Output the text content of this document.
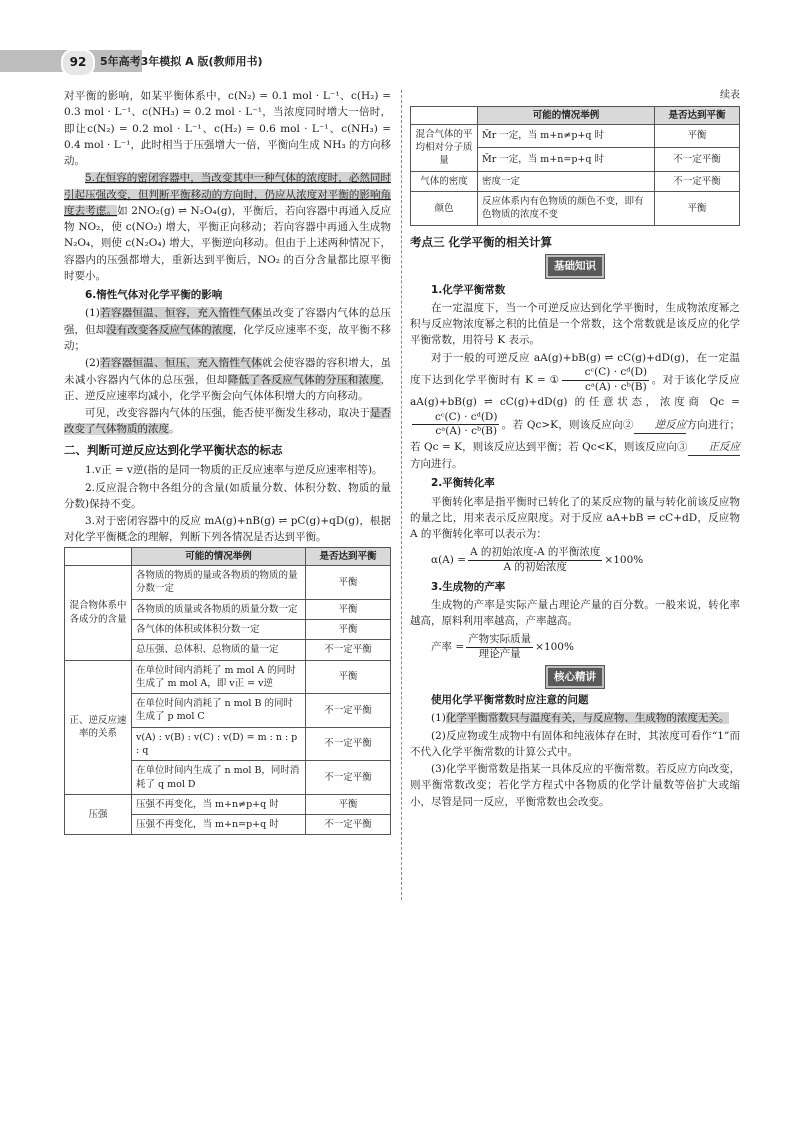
92	5年高考3年模拟 A 版(教师用书)

对平衡的影响，如某平衡体系中，c(N₂) = 0.1 mol · L⁻¹、c(H₂) = 0.3 mol · L⁻¹、c(NH₃) = 0.2 mol · L⁻¹，当浓度同时增大一倍时，即让c(N₂) = 0.2 mol · L⁻¹、c(H₂) = 0.6 mol · L⁻¹、c(NH₃) = 0.4 mol · L⁻¹，此时相当于压强增大一倍，平衡向生成 NH₃ 的方向移动。

5.在恒容的密闭容器中，当改变其中一种气体的浓度时，必然同时引起压强改变，但判断平衡移动的方向时，仍应从浓度对平衡的影响角度去考虑。如 2NO₂(g) ⇌ N₂O₄(g)，平衡后，若向容器中再通入反应物 NO₂，使 c(NO₂) 增大，平衡正向移动；若向容器中再通入生成物 N₂O₄，则使 c(N₂O₄) 增大，平衡逆向移动。但由于上述两种情况下，容器内的压强都增大，重新达到平衡后，NO₂ 的百分含量都比原平衡时要小。

6.惰性气体对化学平衡的影响

(1)若容器恒温、恒容，充入惰性气体虽改变了容器内气体的总压强，但却没有改变各反应气体的浓度，化学反应速率不变，故平衡不移动；

(2)若容器恒温、恒压，充入惰性气体就会使容器的容积增大，虽未减小容器内气体的总压强，但却降低了各反应气体的分压和浓度，正、逆反应速率均减小，化学平衡会向气体体积增大的方向移动。

可见，改变容器内气体的压强，能否使平衡发生移动，取决于是否改变了气体物质的浓度。

二、判断可逆反应达到化学平衡状态的标志

1.v正 = v逆(指的是同一物质的正反应速率与逆反应速率相等)。

2.反应混合物中各组分的含量(如质量分数、体积分数、物质的量分数)保持不变。

3.对于密闭容器中的反应 mA(g)+nB(g) ⇌ pC(g)+qD(g)，根据对化学平衡概念的理解，判断下列各情况是否达到平衡。

	可能的情况举例	是否达到平衡
混合物体系中各成分的含量	各物质的物质的量或各物质的物质的量分数一定	平衡
	各物质的质量或各物质的质量分数一定	平衡
	各气体的体积或体积分数一定	平衡
	总压强、总体积、总物质的量一定	不一定平衡
正、逆反应速率的关系	在单位时间内消耗了 m mol A 的同时生成了 m mol A，即 v正 = v逆	平衡
	在单位时间内消耗了 n mol B 的同时生成了 p mol C	不一定平衡
	v(A) : v(B) : v(C) : v(D) = m : n : p : q	不一定平衡
	在单位时间内生成了 n mol B，同时消耗了 q mol D	不一定平衡
压强	压强不再变化，当 m+n≠p+q 时	平衡
	压强不再变化，当 m+n=p+q 时	不一定平衡
续表
	可能的情况举例	是否达到平衡
混合气体的平均相对分子质量	M̄r 一定，当 m+n≠p+q 时	平衡
	M̄r 一定，当 m+n=p+q 时	不一定平衡
气体的密度	密度一定	不一定平衡
颜色	反应体系内有色物质的颜色不变，即有色物质的浓度不变	平衡
考点三 化学平衡的相关计算
基础知识
1.化学平衡常数

在一定温度下，当一个可逆反应达到化学平衡时，生成物浓度幂之积与反应物浓度幂之积的比值是一个常数，这个常数就是该反应的化学平衡常数，用符号 K 表示。

对于一般的可逆反应 aA(g)+bB(g) ⇌ cC(g)+dD(g)，在一定温度下达到化学平衡时有 K = ① $\frac{\text{cᶜ(C) · cᵈ(D)}}{\text{cᵃ(A) · cᵇ(B)}}$ 。对于该化学反应 aA(g)+bB(g) ⇌ cC(g)+dD(g) 的任意状态，浓度商 Qc =
$\frac{\text{cᶜ(C) · cᵈ(D)}}{\text{cᵃ(A) · cᵇ(B)}}$ 。若 Qc>K，则该反应向② 逆反应方向进行；若 Qc = K，则该反应达到平衡；若 Qc<K，则该反应向③ 正反应方向进行。

2.平衡转化率

平衡转化率是指平衡时已转化了的某反应物的量与转化前该反应物的量之比，用来表示反应限度。对于反应 aA+bB ⇌ cC+dD，反应物 A 的平衡转化率可以表示为：

$\alpha(A) = \frac{\text{A 的初始浓度-A 的平衡浓度}}{\text{A 的初始浓度}} \times 100\%$
3.生成物的产率

生成物的产率是实际产量占理论产量的百分数。一般来说，转化率越高，原料利用率越高，产率越高。

产率 = $\frac{\text{产物实际质量}}{\text{理论产量}} \times 100\%$
核心精讲
使用化学平衡常数时应注意的问题

(1)化学平衡常数只与温度有关，与反应物、生成物的浓度无关。

(2)反应物或生成物中有固体和纯液体存在时，其浓度可看作“1”而不代入化学平衡常数的计算公式中。

(3)化学平衡常数是指某一具体反应的平衡常数。若反应方向改变，则平衡常数改变；若化学方程式中各物质的化学计量数等倍扩大或缩小，尽管是同一反应，平衡常数也会改变。
